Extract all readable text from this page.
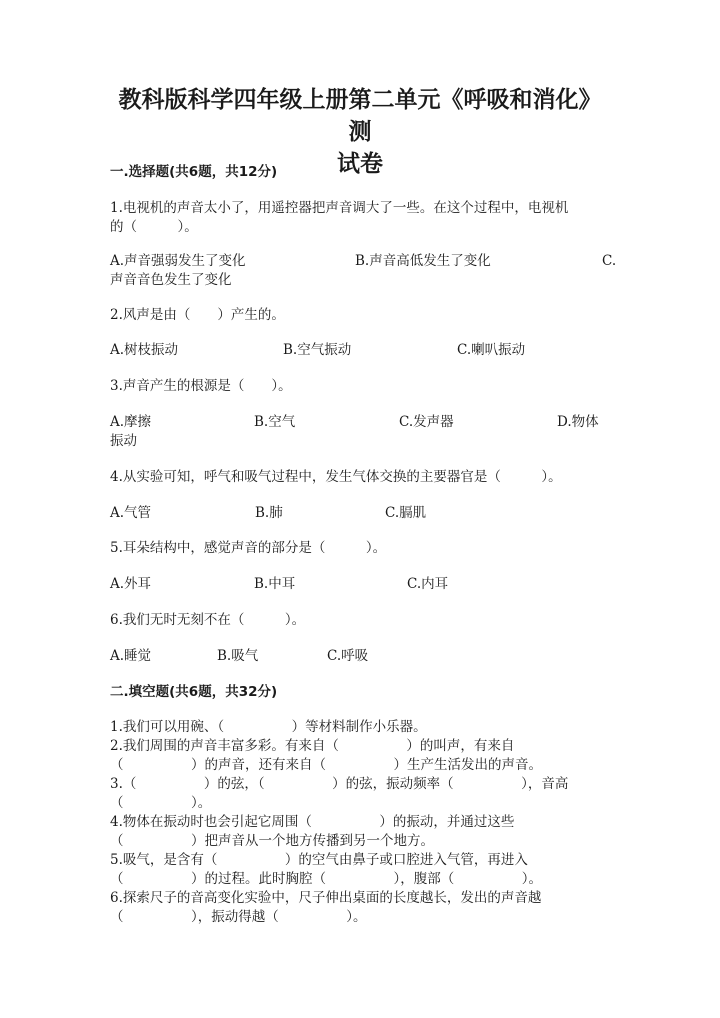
教科版科学四年级上册第二单元《呼吸和消化》测
试卷
一.选择题(共6题，共12分)
1.电视机的声音太小了，用遥控器把声音调大了一些。在这个过程中，电视机
的（　　　）。
A.声音强弱发生了变化	B.声音高低发生了变化	C.
声音音色发生了变化
2.风声是由（　　）产生的。
A.树枝振动	B.空气振动	C.喇叭振动
3.声音产生的根源是（　　）。
A.摩擦	B.空气	C.发声器	D.物体
振动
4.从实验可知，呼气和吸气过程中，发生气体交换的主要器官是（　　　）。
A.气管	B.肺	C.膈肌
5.耳朵结构中，感觉声音的部分是（　　　）。
A.外耳	B.中耳	C.内耳
6.我们无时无刻不在（　　　）。
A.睡觉	B.吸气	C.呼吸
二.填空题(共6题，共32分)
1.我们可以用碗、（　　　　　）等材料制作小乐器。
2.我们周围的声音丰富多彩。有来自（　　　　　）的叫声，有来自
（　　　　　）的声音，还有来自（　　　　　）生产生活发出的声音。
3.（　　　　　）的弦，（　　　　　）的弦，振动频率（　　　　　），音高
（　　　　　）。
4.物体在振动时也会引起它周围（　　　　　）的振动，并通过这些
（　　　　　）把声音从一个地方传播到另一个地方。
5.吸气，是含有（　　　　　）的空气由鼻子或口腔进入气管，再进入
（　　　　　）的过程。此时胸腔（　　　　　），腹部（　　　　　）。
6.探索尺子的音高变化实验中，尺子伸出桌面的长度越长，发出的声音越
（　　　　　），振动得越（　　　　　）。
